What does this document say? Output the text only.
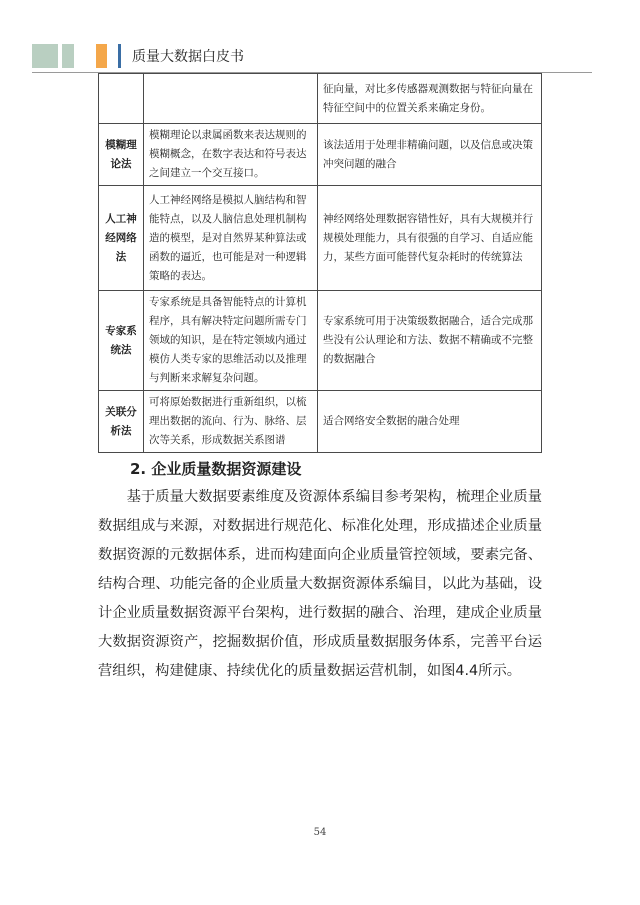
质量大数据白皮书
		征向量，对比多传感器观测数据与特征向量在特征空间中的位置关系来确定身份。
模糊理论法	模糊理论以隶属函数来表达规则的模糊概念，在数字表达和符号表达之间建立一个交互接口。	该法适用于处理非精确问题，以及信息或决策冲突问题的融合
人工神经网络法	人工神经网络是模拟人脑结构和智能特点，以及人脑信息处理机制构造的模型，是对自然界某种算法或函数的逼近，也可能是对一种逻辑策略的表达。	神经网络处理数据容错性好，具有大规模并行规模处理能力，具有很强的自学习、自适应能力，某些方面可能替代复杂耗时的传统算法
专家系统法	专家系统是具备智能特点的计算机程序，具有解决特定问题所需专门领域的知识，是在特定领域内通过模仿人类专家的思维活动以及推理与判断来求解复杂问题。	专家系统可用于决策级数据融合，适合完成那些没有公认理论和方法、数据不精确或不完整的数据融合
关联分析法	可将原始数据进行重新组织，以梳理出数据的流向、行为、脉络、层次等关系，形成数据关系图谱	适合网络安全数据的融合处理
2. 企业质量数据资源建设
基于质量大数据要素维度及资源体系编目参考架构，梳理企业质量数据组成与来源，对数据进行规范化、标准化处理，形成描述企业质量数据资源的元数据体系，进而构建面向企业质量管控领域，要素完备、结构合理、功能完备的企业质量大数据资源体系编目，以此为基础，设计企业质量数据资源平台架构，进行数据的融合、治理，建成企业质量大数据资源资产，挖掘数据价值，形成质量数据服务体系，完善平台运营组织，构建健康、持续优化的质量数据运营机制，如图4.4所示。
54
